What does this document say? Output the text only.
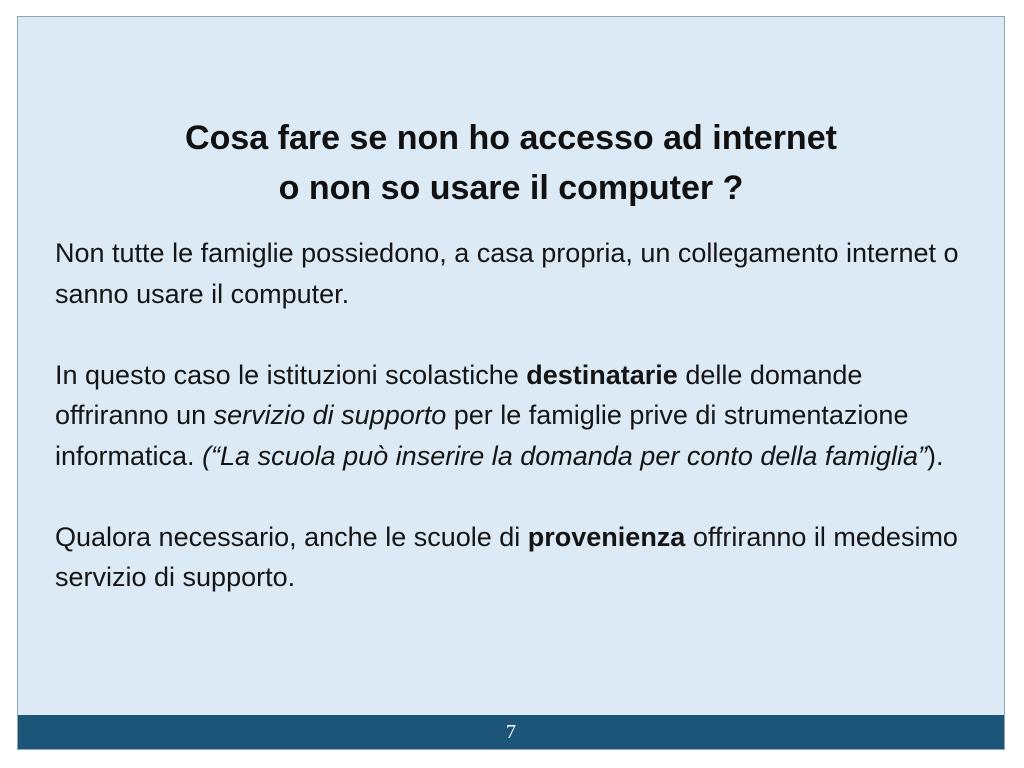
Cosa fare se non ho accesso ad internet
o non so usare il computer ?

Non tutte le famiglie possiedono, a casa propria, un collegamento internet o sanno usare il computer.

In questo caso le istituzioni scolastiche destinatarie delle domande offriranno un servizio di supporto per le famiglie prive di strumentazione informatica. (“La scuola può inserire la domanda per conto della famiglia”).

Qualora necessario, anche le scuole di provenienza offriranno il medesimo servizio di supporto.

7
